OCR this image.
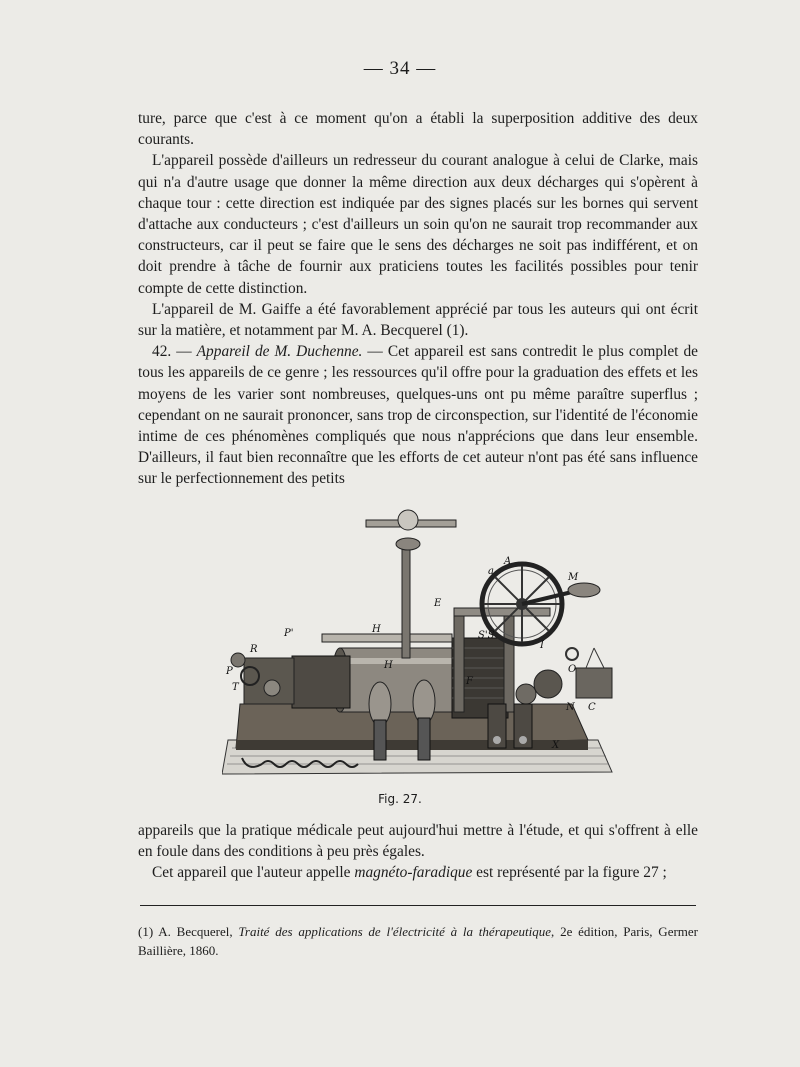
— 34 —

ture, parce que c'est à ce moment qu'on a établi la superposition additive des deux courants.

L'appareil possède d'ailleurs un redresseur du courant analogue à celui de Clarke, mais qui n'a d'autre usage que donner la même direction aux deux décharges qui s'opèrent à chaque tour : cette direction est indiquée par des signes placés sur les bornes qui servent d'attache aux conducteurs ; c'est d'ailleurs un soin qu'on ne saurait trop recommander aux constructeurs, car il peut se faire que le sens des décharges ne soit pas indifférent, et on doit prendre à tâche de fournir aux praticiens toutes les facilités possibles pour tenir compte de cette distinction.

L'appareil de M. Gaiffe a été favorablement apprécié par tous les auteurs qui ont écrit sur la matière, et notamment par M. A. Becquerel (1).

42. — Appareil de M. Duchenne. — Cet appareil est sans contredit le plus complet de tous les appareils de ce genre ; les ressources qu'il offre pour la graduation des effets et les moyens de les varier sont nombreuses, quelques-uns ont pu même paraître superflus ; cependant on ne saurait prononcer, sans trop de circonspection, sur l'identité de l'économie intime de ces phénomènes compliqués que nous n'apprécions que dans leur ensemble. D'ailleurs, il faut bien reconnaître que les efforts de cet auteur n'ont pas été sans influence sur le perfectionnement des petits

A
a
M
E
H
H
P'
R
P
T
S'S
I
O
N C
F
X
Fig. 27.

appareils que la pratique médicale peut aujourd'hui mettre à l'étude, et qui s'offrent à elle en foule dans des conditions à peu près égales.

Cet appareil que l'auteur appelle magnéto-faradique est représenté par la figure 27 ;

(1) A. Becquerel, Traité des applications de l'électricité à la thérapeutique, 2e édition, Paris, Germer Baillière, 1860.
